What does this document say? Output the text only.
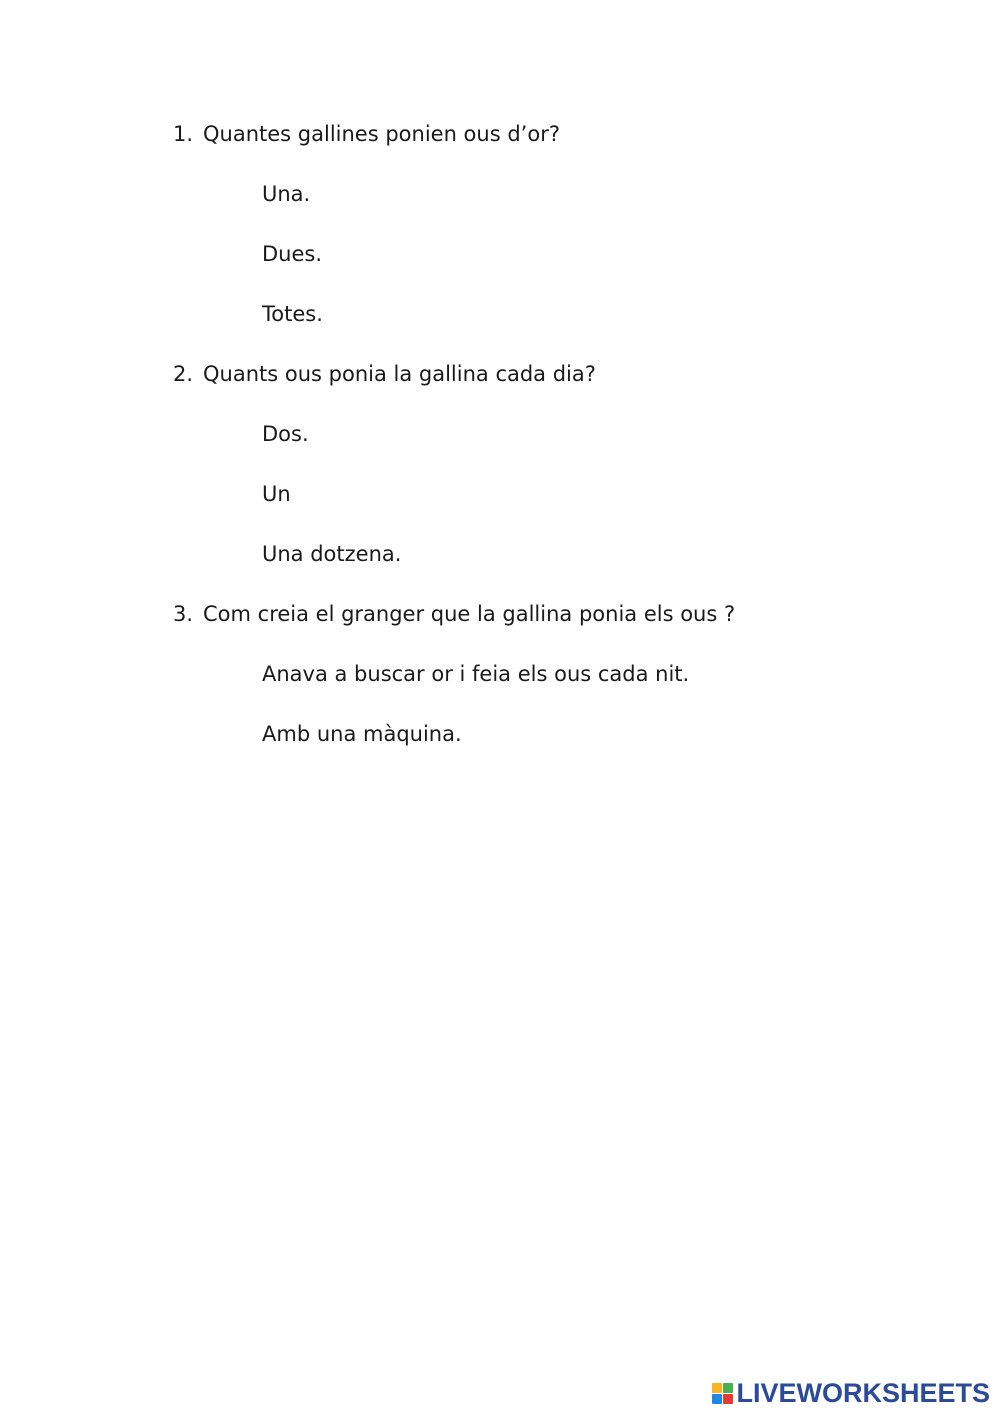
1. Quantes gallines ponien ous d’or?
Una.
Dues.
Totes.
2. Quants ous ponia la gallina cada dia?
Dos.
Un
Una dotzena.
3. Com creia el granger que la gallina ponia els ous ?
Anava a buscar or i feia els ous cada nit.
Amb una màquina.
LIVEWORKSHEETS
